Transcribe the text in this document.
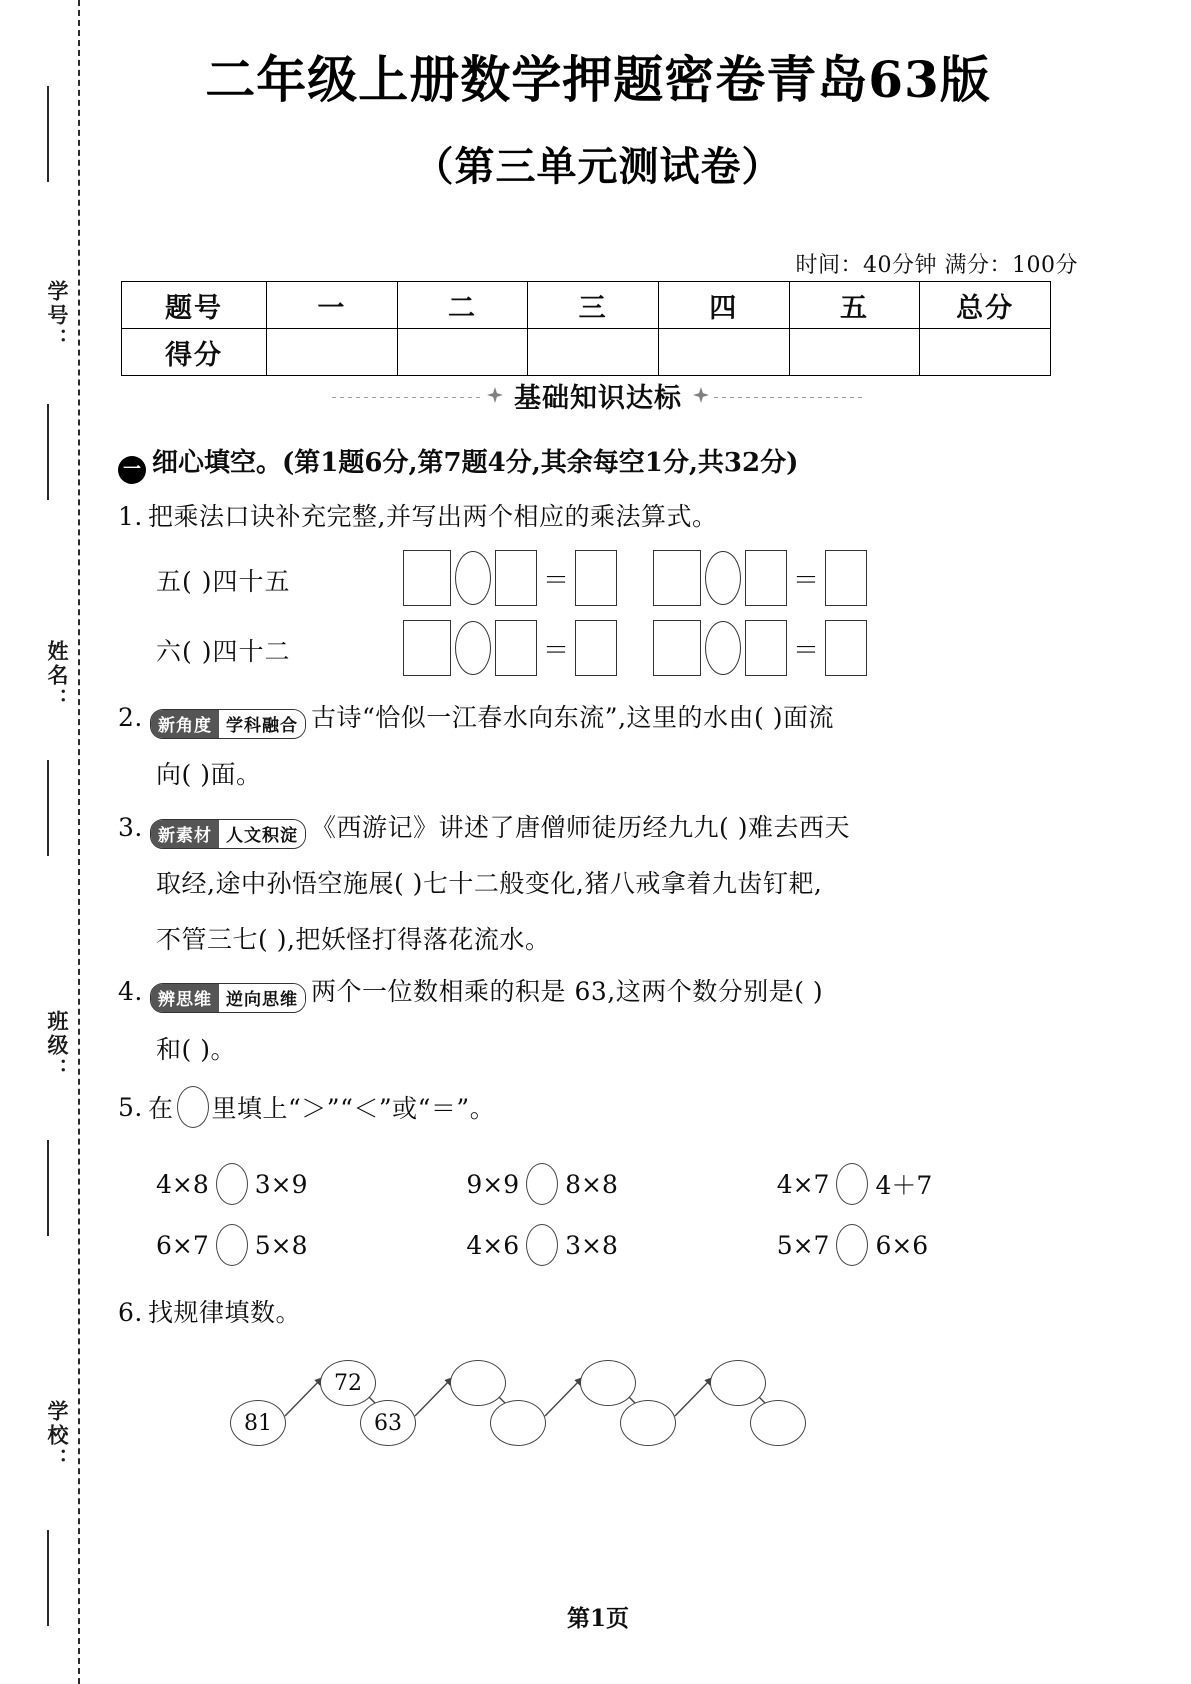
学号：
姓名：
班级：
学校：
二年级上册数学押题密卷青岛63版
（第三单元测试卷）
时间：40分钟 满分：100分
题号	一	二	三	四	五	总分
得分						
基础知识达标
一 细心填空。(第1题6分,第7题4分,其余每空1分,共32分)
1. 把乘法口诀补充完整,并写出两个相应的乘法算式。
五( )四十五	＝	＝
六( )四十二	＝	＝
2. 新角度 学科融合 古诗“恰似一江春水向东流”,这里的水由( )面流
向( )面。
3. 新素材 人文积淀 《西游记》讲述了唐僧师徒历经九九( )难去西天
取经,途中孙悟空施展( )七十二般变化,猪八戒拿着九齿钉耙,
不管三七( ),把妖怪打得落花流水。
4. 辨思维 逆向思维 两个一位数相乘的积是 63,这两个数分别是( )
和( )。
5. 在 里填上“＞”“＜”或“＝”。
4×8 3×9	9×9 8×8	4×7 4＋7
6×7 5×8	4×6 3×8	5×7 6×6
6. 找规律填数。
第1页
81
72
63
